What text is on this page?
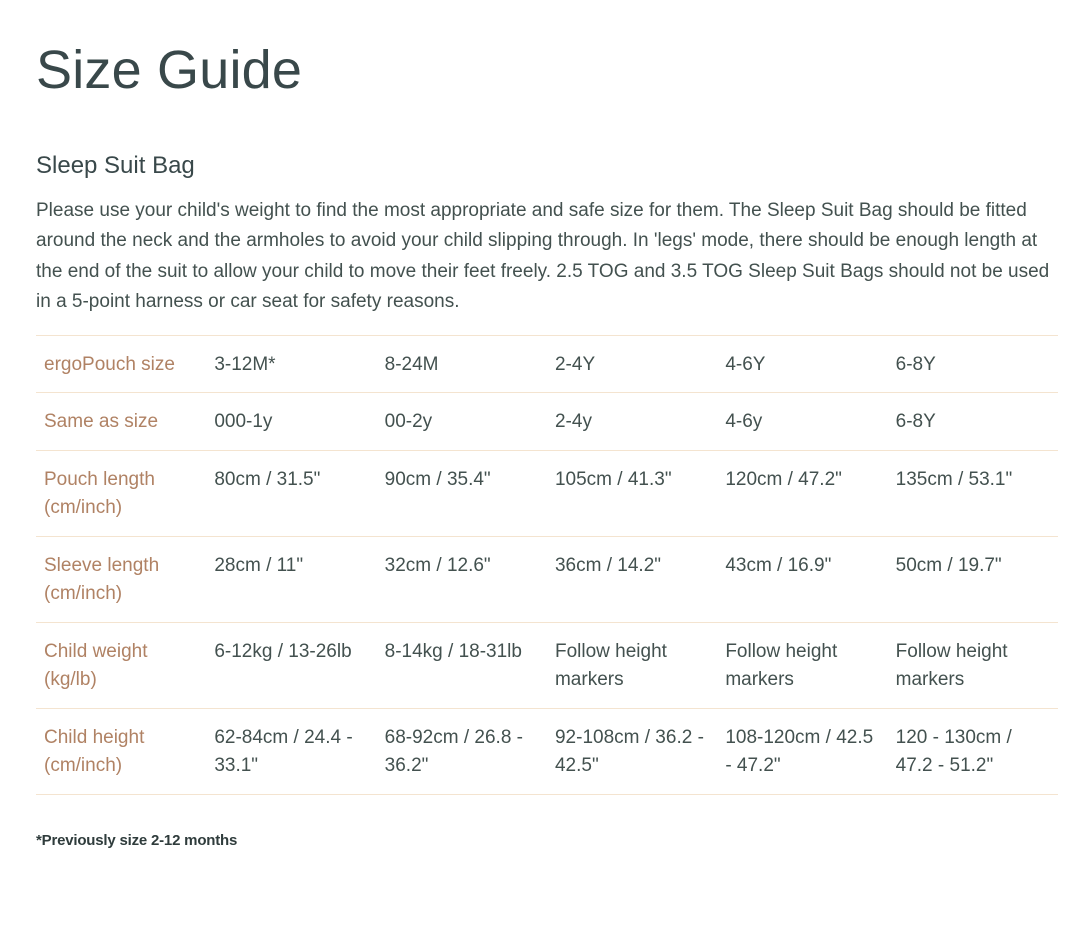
Size Guide
Sleep Suit Bag

Please use your child's weight to find the most appropriate and safe size for them. The Sleep Suit Bag should be fitted around the neck and the armholes to avoid your child slipping through. In 'legs' mode, there should be enough length at the end of the suit to allow your child to move their feet freely. 2.5 TOG and 3.5 TOG Sleep Suit Bags should not be used in a 5-point harness or car seat for safety reasons.

ergoPouch size	3-12M*	8-24M	2-4Y	4-6Y	6-8Y
Same as size	000-1y	00-2y	2-4y	4-6y	6-8Y
Pouch length (cm/inch)	80cm / 31.5"	90cm / 35.4"	105cm / 41.3"	120cm / 47.2"	135cm / 53.1"
Sleeve length (cm/inch)	28cm / 11"	32cm / 12.6"	36cm / 14.2"	43cm / 16.9"	50cm / 19.7"
Child weight (kg/lb)	6-12kg / 13-26lb	8-14kg / 18-31lb	Follow height markers	Follow height markers	Follow height markers
Child height (cm/inch)	62-84cm / 24.4 - 33.1"	68-92cm / 26.8 - 36.2"	92-108cm / 36.2 - 42.5"	108-120cm / 42.5 - 47.2"	120 - 130cm / 47.2 - 51.2"

*Previously size 2-12 months
